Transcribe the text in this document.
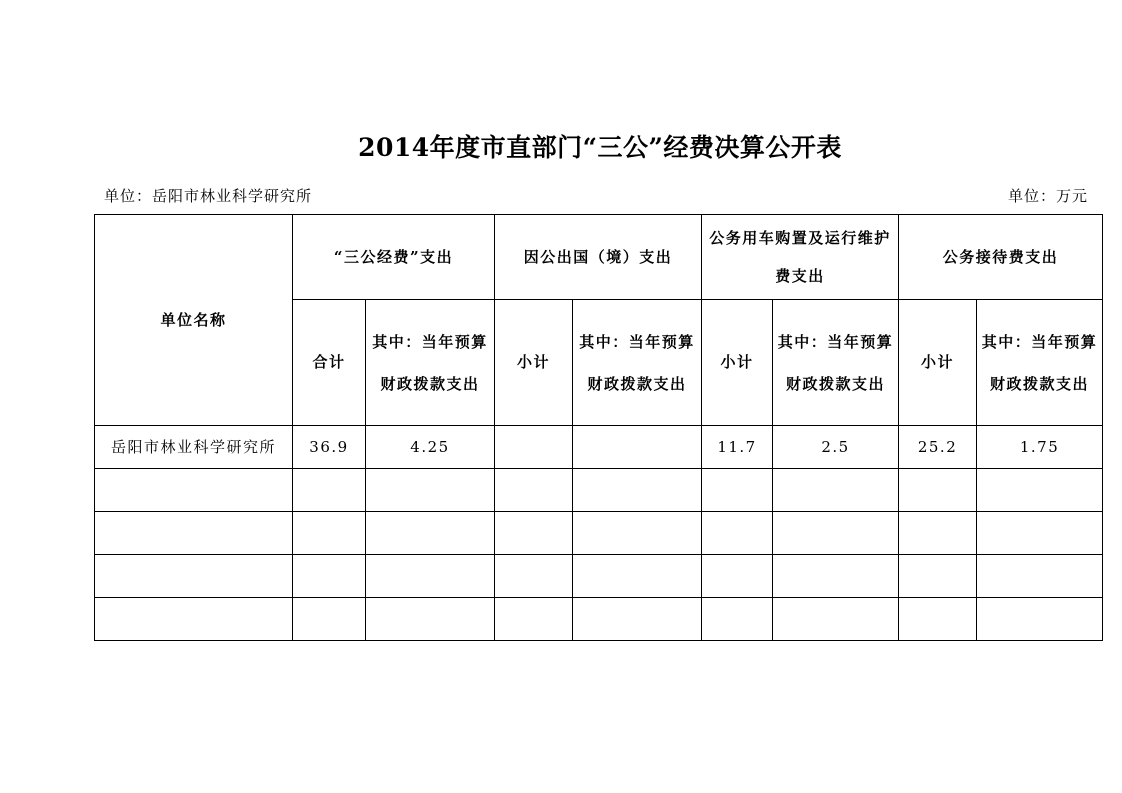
2014年度市直部门“三公”经费决算公开表
单位：岳阳市林业科学研究所	单位：万元
单位名称	“三公经费”支出		因公出国（境）支出		公务用车购置及运行维护费支出		公务接待费支出	
	合计	其中：当年预算财政拨款支出	小计	其中：当年预算财政拨款支出	小计	其中：当年预算财政拨款支出	小计	其中：当年预算财政拨款支出
岳阳市林业科学研究所	36.9	4.25			11.7	2.5	25.2	1.75
